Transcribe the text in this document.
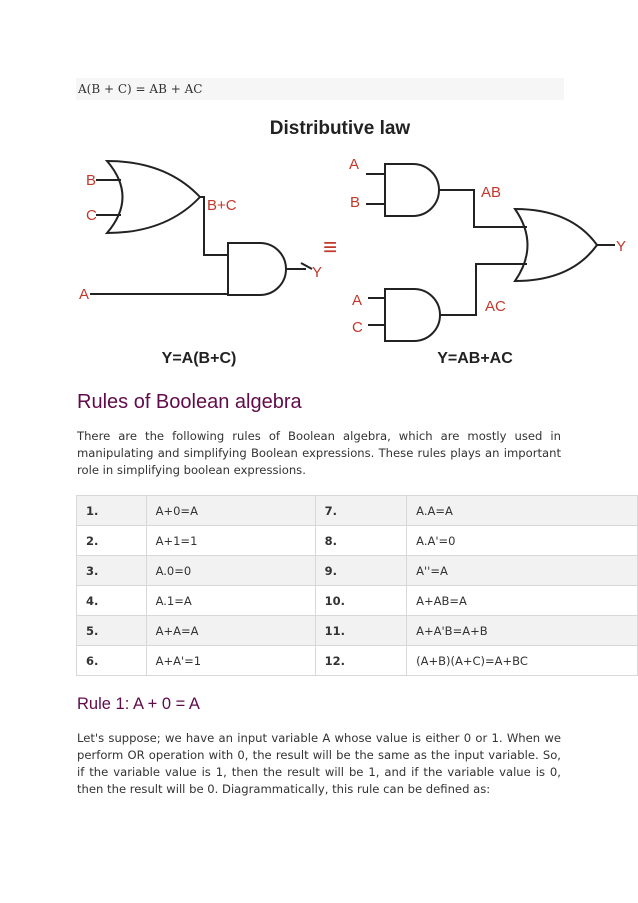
A(B + C) = AB + AC
Distributive law
B
C
B+C
A
Y
A
B
AB
A
C
AC
Y
≡
Y=A(B+C)	Y=AB+AC
Rules of Boolean algebra

There are the following rules of Boolean algebra, which are mostly used in manipulating and simplifying Boolean expressions. These rules plays an important role in simplifying boolean expressions.

1.	A+0=A	7.	A.A=A
2.	A+1=1	8.	A.A'=0
3.	A.0=0	9.	A''=A
4.	A.1=A	10.	A+AB=A
5.	A+A=A	11.	A+A'B=A+B
6.	A+A'=1	12.	(A+B)(A+C)=A+BC
Rule 1: A + 0 = A

Let's suppose; we have an input variable A whose value is either 0 or 1. When we perform OR operation with 0, the result will be the same as the input variable. So, if the variable value is 1, then the result will be 1, and if the variable value is 0, then the result will be 0. Diagrammatically, this rule can be defined as:
